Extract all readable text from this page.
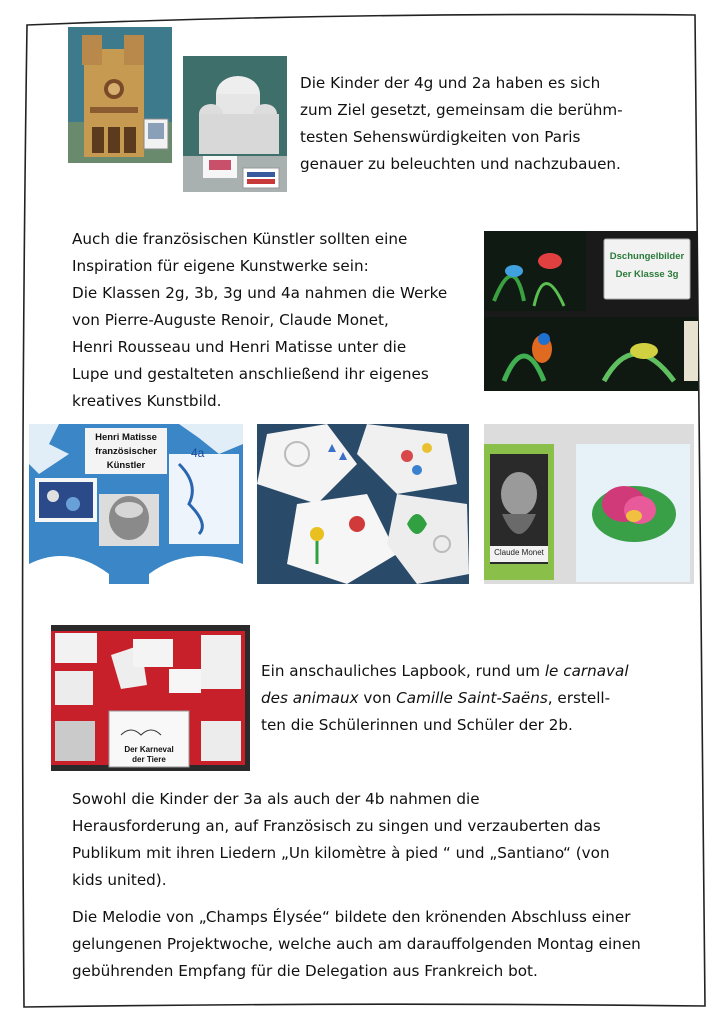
Die Kinder der 4g und 2a haben es sich
zum Ziel gesetzt, gemeinsam die berühm-
testen Sehenswürdigkeiten von Paris
genauer zu beleuchten und nachzubauen.
Auch die französischen Künstler sollten eine
Inspiration für eigene Kunstwerke sein:
Die Klassen 2g, 3b, 3g und 4a nahmen die Werke
von Pierre-Auguste Renoir, Claude Monet,
Henri Rousseau und Henri Matisse unter die
Lupe und gestalteten anschließend ihr eigenes
kreatives Kunstbild.
Dschungelbilder
Der Klasse 3g
Henri Matisse
französischer
Künstler
4a
Claude Monet
Der Karneval
der Tiere
Ein anschauliches Lapbook, rund um le carnaval
des animaux von Camille Saint-Saëns, erstell-
ten die Schülerinnen und Schüler der 2b.
Sowohl die Kinder der 3a als auch der 4b nahmen die
Herausforderung an, auf Französisch zu singen und verzauberten das
Publikum mit ihren Liedern „Un kilomètre à pied “ und „Santiano“ (von
kids united).
Die Melodie von „Champs Élysée“ bildete den krönenden Abschluss einer
gelungenen Projektwoche, welche auch am darauffolgenden Montag einen
gebührenden Empfang für die Delegation aus Frankreich bot.
